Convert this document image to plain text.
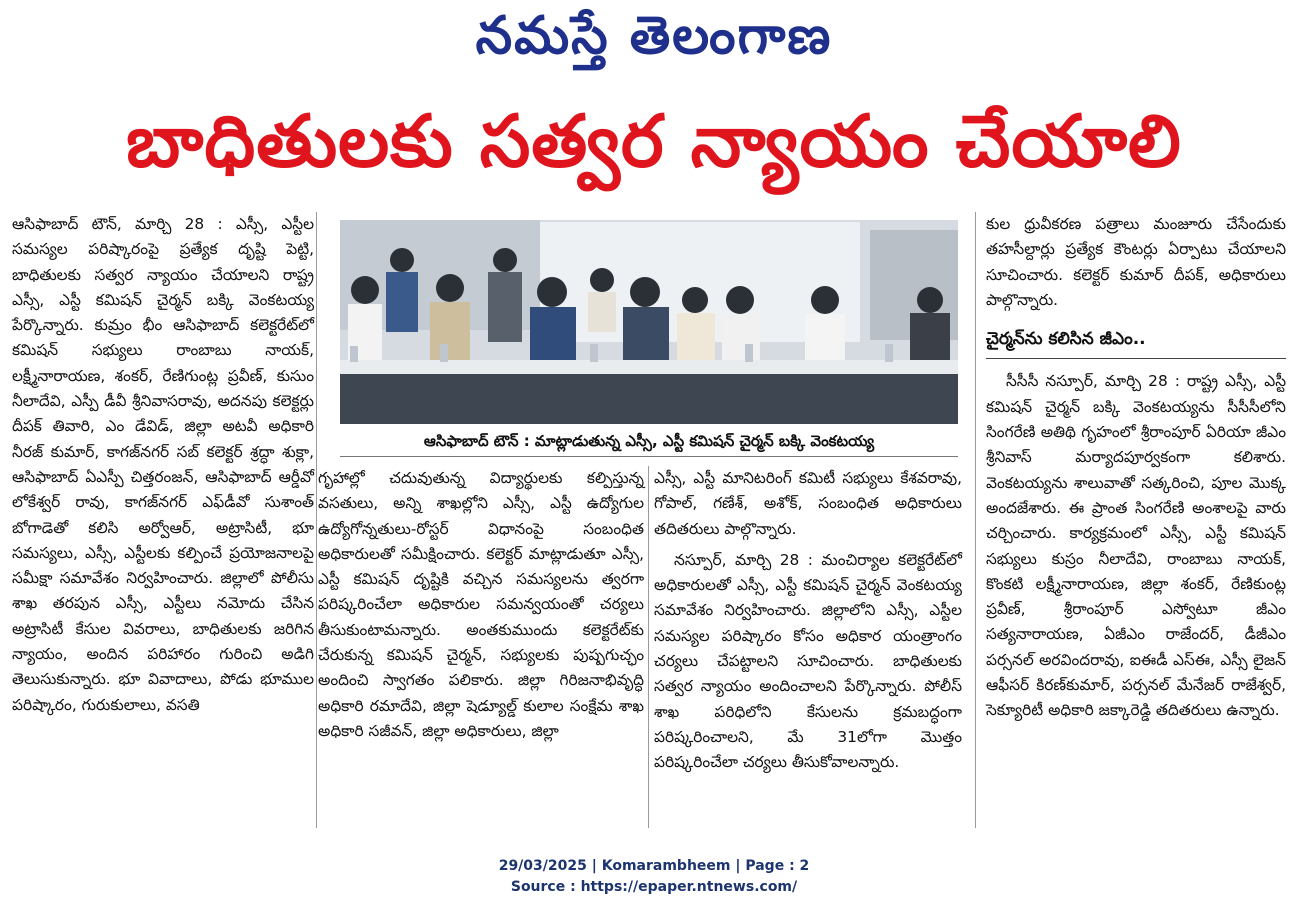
నమస్తే తెలంగాణ
బాధితులకు సత్వర న్యాయం చేయాలి

ఆసిఫాబాద్ టౌన్, మార్చి 28 : ఎస్సీ, ఎస్టీల సమస్యల పరిష్కారంపై ప్రత్యేక దృష్టి పెట్టి, బాధితులకు సత్వర న్యాయం చేయాలని రాష్ట్ర ఎస్సీ, ఎస్టీ కమిషన్ చైర్మన్ బక్కి వెంకటయ్య పేర్కొన్నారు. కుమ్రం భీం ఆసిఫాబాద్ కలెక్టరేట్‌లో కమిషన్ సభ్యులు రాంబాబు నాయక్, లక్ష్మీనారాయణ, శంకర్, రేణిగుంట్ల ప్రవీణ్, కుసుం నీలాదేవి, ఎస్పీ డీవీ శ్రీనివాసరావు, అదనపు కలెక్టర్లు దీపక్ తివారి, ఎం డేవిడ్, జిల్లా అటవీ అధికారి నీరజ్ కుమార్, కాగజ్‌నగర్ సబ్ కలెక్టర్ శ్రద్ధా శుక్లా, ఆసిఫాబాద్ ఏఎస్పీ చిత్తరంజన్, ఆసిఫాబాద్ ఆర్డీవో లోకేశ్వర్ రావు, కాగజ్‌నగర్ ఎఫ్‌డీవో సుశాంత్ బోగాడెతో కలిసి అర్వోఆర్, అట్రాసిటీ, భూ సమస్యలు, ఎస్సీ, ఎస్టీలకు కల్పించే ప్రయోజనాలపై సమీక్షా సమావేశం నిర్వహించారు. జిల్లాలో పోలీసు శాఖ తరపున ఎస్సీ, ఎస్టీలు నమోదు చేసిన అట్రాసిటీ కేసుల వివరాలు, బాధితులకు జరిగిన న్యాయం, అందిన పరిహారం గురించి అడిగి తెలుసుకున్నారు. భూ వివాదాలు, పోడు భూముల పరిష్కారం, గురుకులాలు, వసతి

ఆసిఫాబాద్ టౌన్ : మాట్లాడుతున్న ఎస్సీ, ఎస్టీ కమిషన్ చైర్మన్ బక్కి వెంకటయ్య

గృహాల్లో చదువుతున్న విద్యార్థులకు కల్పిస్తున్న వసతులు, అన్ని శాఖల్లోని ఎస్సీ, ఎస్టీ ఉద్యోగుల ఉద్యోగోన్నతులు-రోస్టర్ విధానంపై సంబంధిత అధికారులతో సమీక్షించారు. కలెక్టర్ మాట్లాడుతూ ఎస్సీ, ఎస్టీ కమిషన్ దృష్టికి వచ్చిన సమస్యలను త్వరగా పరిష్కరించేలా అధికారుల సమన్వయంతో చర్యలు తీసుకుంటామన్నారు. అంతకుముందు కలెక్టరేట్‌కు చేరుకున్న కమిషన్ చైర్మన్, సభ్యులకు పుష్పగుచ్ఛం అందించి స్వాగతం పలికారు. జిల్లా గిరిజనాభివృద్ధి అధికారి రమాదేవి, జిల్లా షెడ్యూల్డ్ కులాల సంక్షేమ శాఖ అధికారి సజీవన్, జిల్లా అధికారులు, జిల్లా

ఎస్సీ, ఎస్టీ మానిటరింగ్ కమిటీ సభ్యులు కేశవరావు, గోపాల్, గణేశ్, అశోక్, సంబంధిత అధికారులు తదితరులు పాల్గొన్నారు.

నస్పూర్, మార్చి 28 : మంచిర్యాల కలెక్టరేట్‌లో అధికారులతో ఎస్సీ, ఎస్టీ కమిషన్ చైర్మన్ వెంకటయ్య సమావేశం నిర్వహించారు. జిల్లాలోని ఎస్సీ, ఎస్టీల సమస్యల పరిష్కారం కోసం అధికార యంత్రాంగం చర్యలు చేపట్టాలని సూచించారు. బాధితులకు సత్వర న్యాయం అందించాలని పేర్కొన్నారు. పోలీస్ శాఖ పరిధిలోని కేసులను క్రమబద్ధంగా పరిష్కరించాలని, మే 31లోగా మొత్తం పరిష్కరించేలా చర్యలు తీసుకోవాలన్నారు.

కుల ధ్రువీకరణ పత్రాలు మంజూరు చేసేందుకు తహసీల్దార్లు ప్రత్యేక కౌంటర్లు ఏర్పాటు చేయాలని సూచించారు. కలెక్టర్ కుమార్ దీపక్, అధికారులు పాల్గొన్నారు.

చైర్మన్‌ను కలిసిన జీఎం..

సీసీసీ నస్పూర్, మార్చి 28 : రాష్ట్ర ఎస్సీ, ఎస్టీ కమిషన్ చైర్మన్ బక్కి వెంకటయ్యను సీసీసీలోని సింగరేణి అతిథి గృహంలో శ్రీరాంపూర్ ఏరియా జీఎం శ్రీనివాస్ మర్యాదపూర్వకంగా కలిశారు. వెంకటయ్యను శాలువాతో సత్కరించి, పూల మొక్క అందజేశారు. ఈ ప్రాంత సింగరేణి అంశాలపై వారు చర్చించారు. కార్యక్రమంలో ఎస్సీ, ఎస్టీ కమిషన్ సభ్యులు కుస్రం నీలాదేవి, రాంబాబు నాయక్, కొంకటి లక్ష్మీనారాయణ, జిల్లా శంకర్, రేణికుంట్ల ప్రవీణ్, శ్రీరాంపూర్ ఎస్వోటూ జీఎం సత్యనారాయణ, ఏజీఎం రాజేందర్, డీజీఎం పర్సనల్ అరవిందరావు, ఐఈడీ ఎస్ఈ, ఎస్సీ లైజన్ ఆఫీసర్ కిరణ్‌కుమార్, పర్సనల్ మేనేజర్ రాజేశ్వర్, సెక్యూరిటీ అధికారి జక్కారెడ్డి తదితరులు ఉన్నారు.

29/03/2025 | Komarambheem | Page : 2
Source : https://epaper.ntnews.com/
